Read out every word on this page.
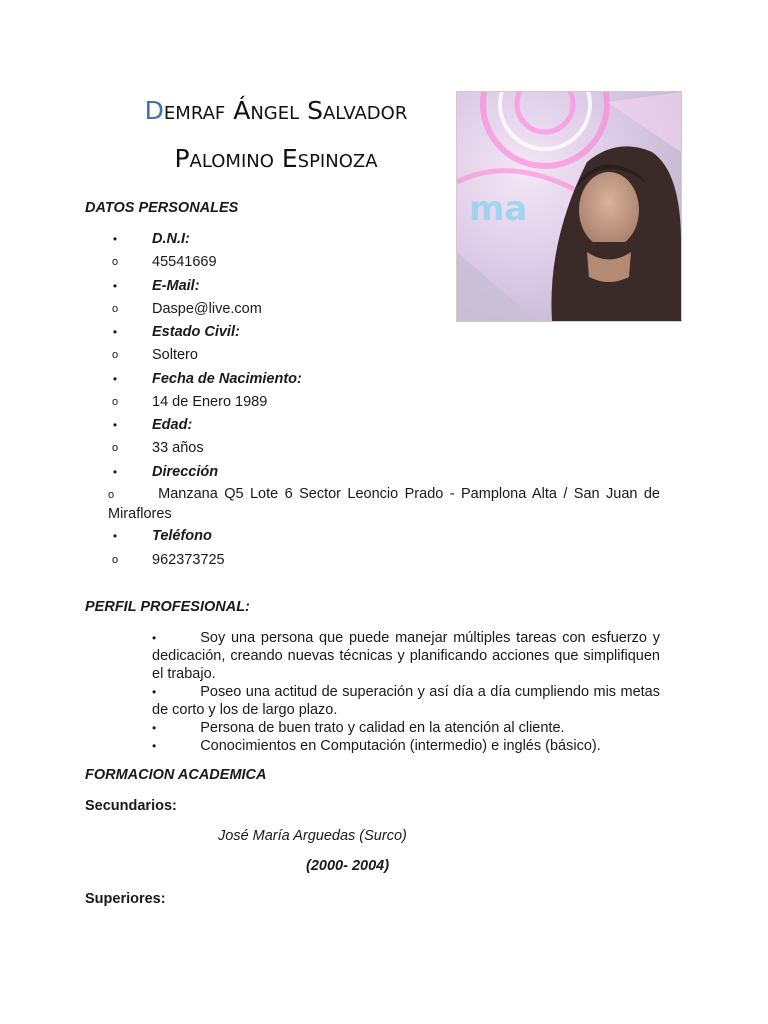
Demraf Ángel Salvador
Palomino Espinoza
ma
DATOS PERSONALES
•	D.N.I:
o 45541669
•	E-Mail:
o Daspe@live.com
•	Estado Civil:
o Soltero
•	Fecha de Nacimiento:
o 14 de Enero 1989
•	Edad:
o 33 años
•	Dirección
o	Manzana Q5 Lote 6 Sector Leoncio Prado - Pamplona Alta / San Juan de Miraflores
•	Teléfono
o 962373725
PERFIL PROFESIONAL:
•	Soy una persona que puede manejar múltiples tareas con esfuerzo y dedicación, creando nuevas técnicas y planificando acciones que simplifiquen el trabajo.
•	Poseo una actitud de superación y así día a día cumpliendo mis metas de corto y los de largo plazo.
•	Persona de buen trato y calidad en la atención al cliente.
•	Conocimientos en Computación (intermedio) e inglés (básico).
FORMACION ACADEMICA
Secundarios:
José María Arguedas (Surco)
(2000- 2004)
Superiores:
